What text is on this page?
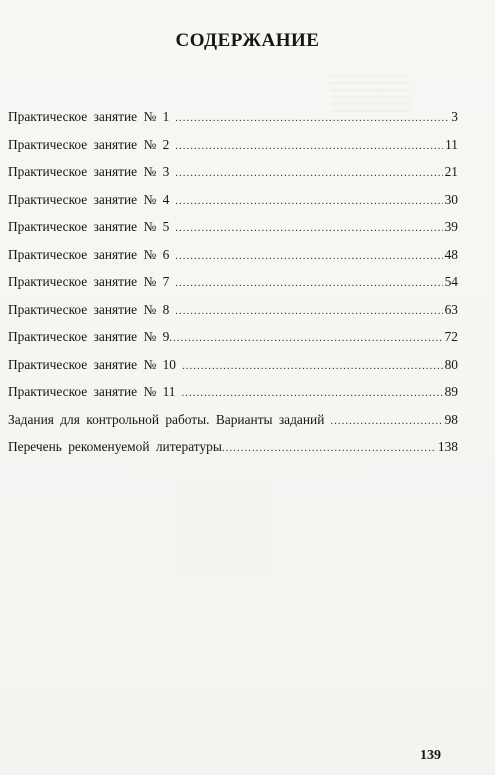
СОДЕРЖАНИЕ
Практическое занятие № 1 .....	3
Практическое занятие № 2 .....	11
Практическое занятие № 3 .....	21
Практическое занятие № 4 .....	30
Практическое занятие № 5 .....	39
Практическое занятие № 6 .....	48
Практическое занятие № 7 .....	54
Практическое занятие № 8 .....	63
Практическое занятие № 9 .....	72
Практическое занятие № 10 .....	80
Практическое занятие № 11 .....	89
Задания для контрольной работы. Варианты заданий .....	98
Перечень рекоменуемой литературы .....	138
139
